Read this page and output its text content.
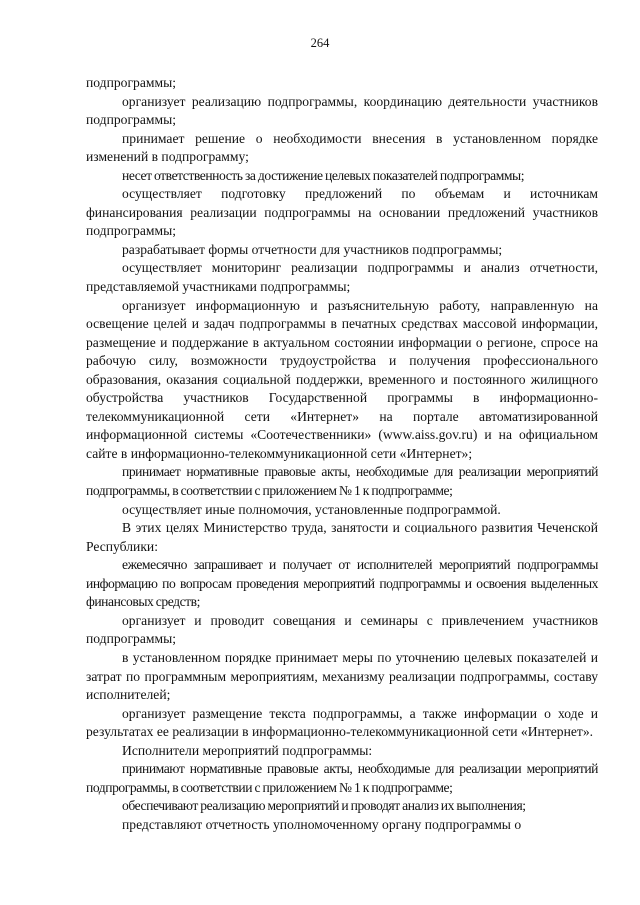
264

подпрограммы;

организует реализацию подпрограммы, координацию деятельности участников подпрограммы;

принимает решение о необходимости внесения в установленном порядке изменений в подпрограмму;

несет ответственность за достижение целевых показателей подпрограммы;

осуществляет подготовку предложений по объемам и источникам финансирования реализации подпрограммы на основании предложений участников подпрограммы;

разрабатывает формы отчетности для участников подпрограммы;

осуществляет мониторинг реализации подпрограммы и анализ отчетности, представляемой участниками подпрограммы;

организует информационную и разъяснительную работу, направленную на освещение целей и задач подпрограммы в печатных средствах массовой информации, размещение и поддержание в актуальном состоянии информации о регионе, спросе на рабочую силу, возможности трудоустройства и получения профессионального образования, оказания социальной поддержки, временного и постоянного жилищного обустройства участников Государственной программы в информационно-телекоммуникационной сети «Интернет» на портале автоматизированной информационной системы «Соотечественники» (www.aiss.gov.ru) и на официальном сайте в информационно-телекоммуникационной сети «Интернет»;

принимает нормативные правовые акты, необходимые для реализации мероприятий подпрограммы, в соответствии с приложением № 1 к подпрограмме;

осуществляет иные полномочия, установленные подпрограммой.

В этих целях Министерство труда, занятости и социального развития Чеченской Республики:

ежемесячно запрашивает и получает от исполнителей мероприятий подпрограммы информацию по вопросам проведения мероприятий подпрограммы и освоения выделенных финансовых средств;

организует и проводит совещания и семинары с привлечением участников подпрограммы;

в установленном порядке принимает меры по уточнению целевых показателей и затрат по программным мероприятиям, механизму реализации подпрограммы, составу исполнителей;

организует размещение текста подпрограммы, а также информации о ходе и результатах ее реализации в информационно-телекоммуникационной сети «Интернет».

Исполнители мероприятий подпрограммы:

принимают нормативные правовые акты, необходимые для реализации мероприятий подпрограммы, в соответствии с приложением № 1 к подпрограмме;

обеспечивают реализацию мероприятий и проводят анализ их выполнения;

представляют отчетность уполномоченному органу подпрограммы о
